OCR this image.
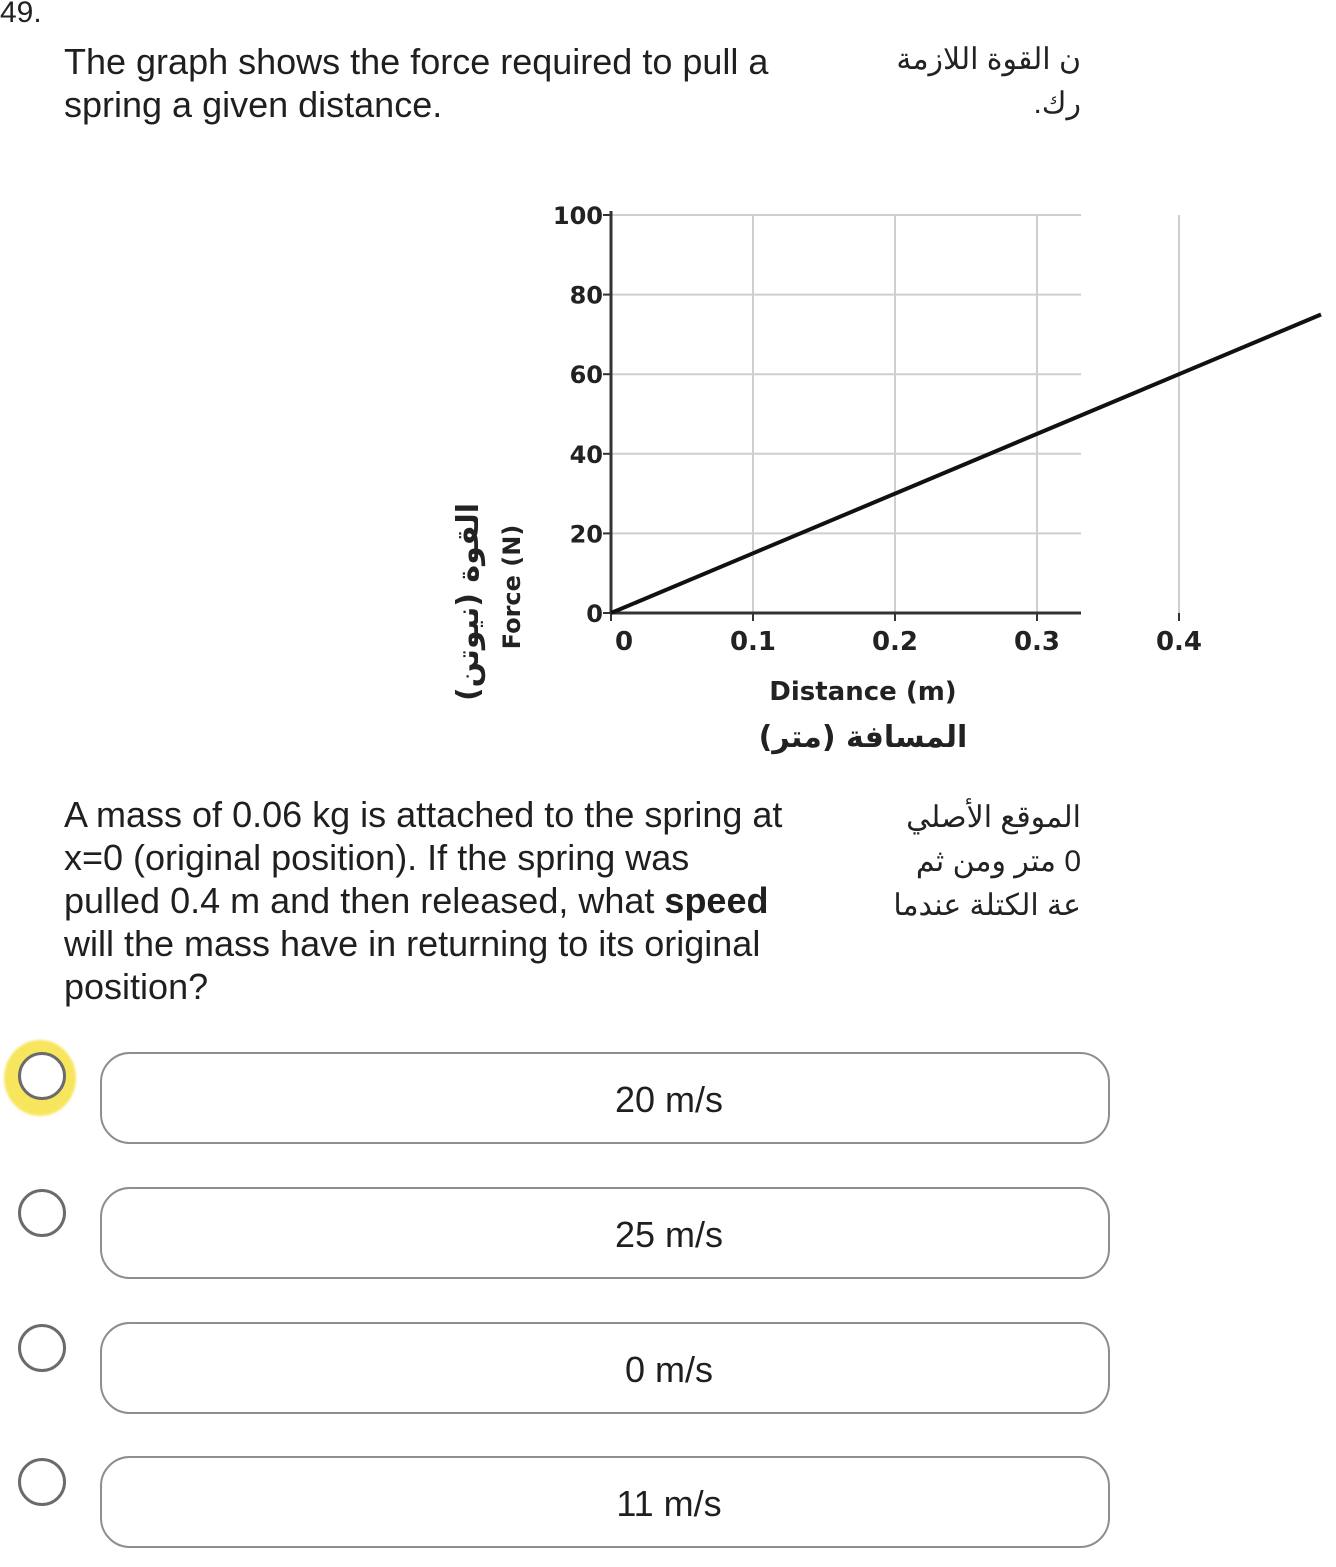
49.
The graph shows the force required to pull a
spring a given distance.
ن القوة اللازمة
رك.
0
20
40
60
80
100
0	0.1	0.2	0.3	0.4
Force (N)
القوة (نيوتن)	Distance (m)
المسافة (متر)
A mass of 0.06 kg is attached to the spring at
x=0 (original position). If the spring was
pulled 0.4 m and then released, what speed
will the mass have in returning to its original
position?
الموقع الأصلي
0 متر ومن ثم
عة الكتلة عندما
20 m/s
25 m/s
0 m/s
11 m/s
